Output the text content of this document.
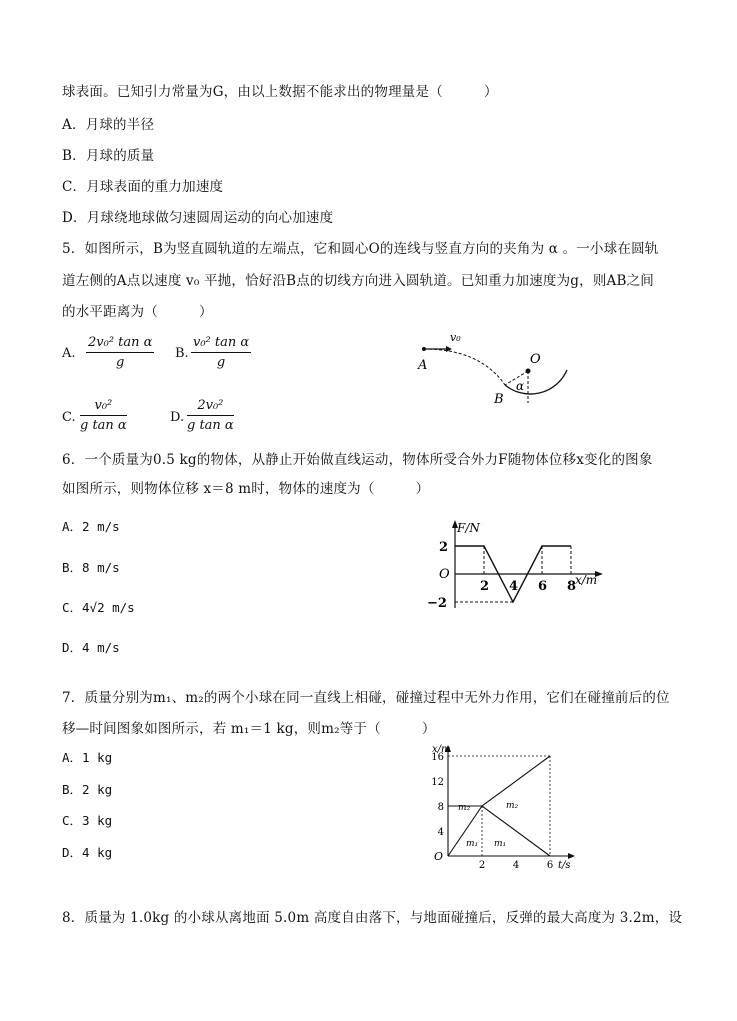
球表面。已知引力常量为G，由以上数据不能求出的物理量是（　　　）
A．月球的半径
B．月球的质量
C．月球表面的重力加速度
D．月球绕地球做匀速圆周运动的向心加速度
5．如图所示，B为竖直圆轨道的左端点，它和圆心O的连线与竖直方向的夹角为 α 。一小球在圆轨
道左侧的A点以速度 v₀ 平抛，恰好沿B点的切线方向进入圆轨道。已知重力加速度为g，则AB之间
的水平距离为（　　　）
A. $\frac{\text{2v₀² tan α}}{g} B$. $\frac{\text{v₀² tan α}}{g}$
C. $\frac{\text{v₀²}}{\text{g tan α}}$	D. $\frac{\text{2v₀²}}{\text{g tan α}}$
A
v₀
O
α
B
6．一个质量为0.5 kg的物体，从静止开始做直线运动，物体所受合外力F随物体位移x变化的图象
如图所示，则物体位移 x＝8 m时，物体的速度为（　　　）
A．2 m/s
B．8 m/s
C．4√2 m/s
D．4 m/s
F/N
x/m
O
2
−2
2 4 6 8
7．质量分别为m₁、m₂的两个小球在同一直线上相碰，碰撞过程中无外力作用，它们在碰撞前后的位
移—时间图象如图所示，若 m₁＝1 kg，则m₂等于（　　　）
A．1 kg
B．2 kg
C．3 kg
D．4 kg
x/m
t/s
O
16
12
8
4
2	4	6
m₂	m₂
m₁ m₁
8．质量为 1.0kg 的小球从离地面 5.0m 高度自由落下，与地面碰撞后，反弹的最大高度为 3.2m，设
